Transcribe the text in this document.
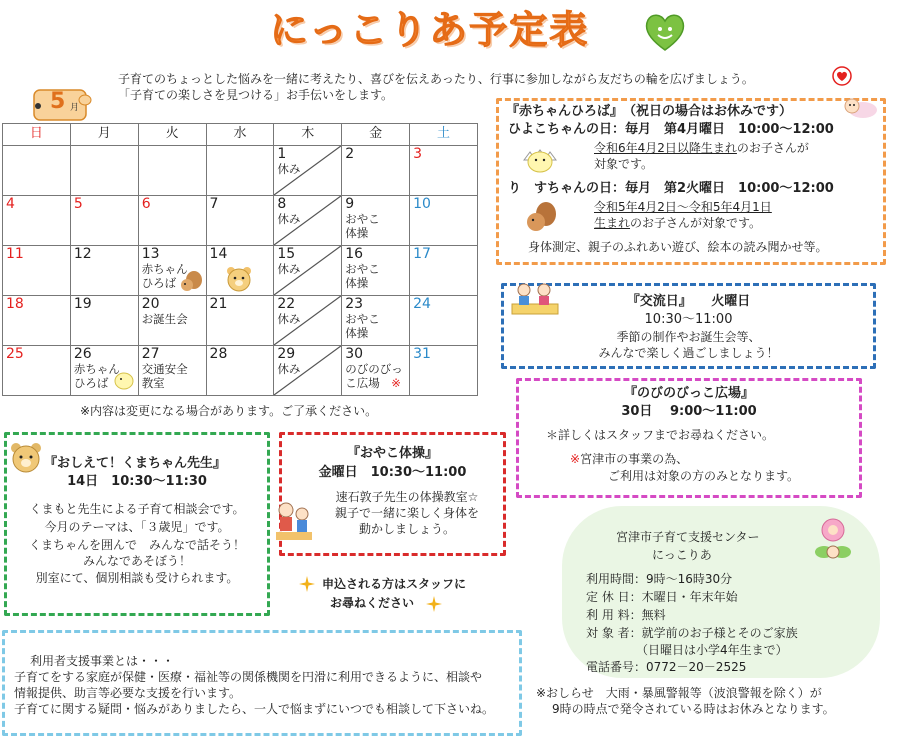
にっこりあ予定表
子育てのちょっとした悩みを一緒に考えたり、喜びを伝えあったり、行事に参加しながら友だちの輪を広げましょう。
「子育ての楽しさを見つける」お手伝いをします。
5 月
日	月	火	水	木	金	土

				1
休み	2	3

4	5	6	7	8
休み	9
おやこ
体操	10

11	12	13
赤ちゃん
ひろば	14	15
休み	16
おやこ
体操	17

18	19	20
お誕生会	21	22
休み	23
おやこ
体操	24

25	26
赤ちゃん
ひろば	27
交通安全
教室	28	29
休み	30
のびのびっ
こ広場　※	31
※内容は変更になる場合があります。ご了承ください。
『赤ちゃんひろば』　（祝日の場合はお休みです）
ひよこちゃんの日：毎月　第4月曜日　10:00～12:00
令和6年4月2日以降生まれのお子さんが
対象です。
り　すちゃんの日：毎月　第2火曜日　10:00～12:00
令和5年4月2日～令和5年4月1日
生まれのお子さんが対象です。
身体測定、親子のふれあい遊び、絵本の読み聞かせ等。
『交流日』　　火曜日
10:30～11:00
季節の制作やお誕生会等、
みんなで楽しく過ごしましょう！
『のびのびっこ広場』
30日　 9:00～11:00
＊詳しくはスタッフまでお尋ねください。
※宮津市の事業の為、
ご利用は対象の方のみとなります。
『おしえて！くまちゃん先生』
14日　10:30～11:30
くまもと先生による子育て相談会です。
今月のテーマは、「３歳児」です。
くまちゃんを囲んで　みんなで話そう！
みんなであそぼう！
別室にて、個別相談も受けられます。
『おやこ体操』
金曜日　10:30～11:00
速石敦子先生の体操教室☆
親子で一緒に楽しく身体を
動かしましょう。
申込される方はスタッフに
お尋ねください
利用者支援事業とは・・・
子育てをする家庭が保健・医療・福祉等の関係機関を円滑に利用できるように、相談や
情報提供、助言等必要な支援を行います。
子育てに関する疑問・悩みがありましたら、一人で悩まずにいつでも相談して下さいね。
宮津市子育て支援センター
にっこりあ
利用時間：9時～16時30分
定 休 日：木曜日・年末年始
利 用 料：無料
対 象 者：就学前のお子様とそのご家族
（日曜日は小学4年生まで）
電話番号：0772－20－2525
※おしらせ　大雨・暴風警報等（波浪警報を除く）が
9時の時点で発令されている時はお休みとなります。
